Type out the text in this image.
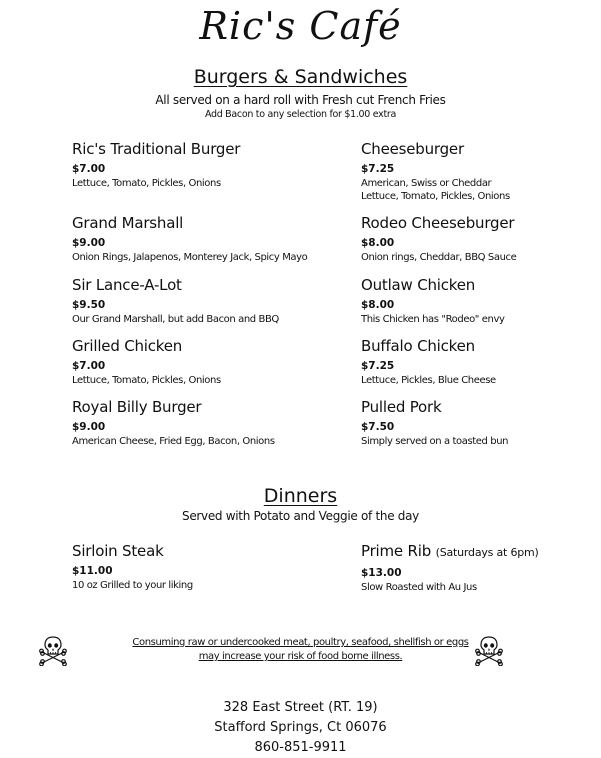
Ric's Café
Burgers & Sandwiches
All served on a hard roll with Fresh cut French Fries
Add Bacon to any selection for $1.00 extra
Ric's Traditional Burger
$7.00
Lettuce, Tomato, Pickles, Onions
Grand Marshall
$9.00
Onion Rings, Jalapenos, Monterey Jack, Spicy Mayo
Sir Lance-A-Lot
$9.50
Our Grand Marshall, but add Bacon and BBQ
Grilled Chicken
$7.00
Lettuce, Tomato, Pickles, Onions
Royal Billy Burger
$9.00
American Cheese, Fried Egg, Bacon, Onions
Cheeseburger
$7.25
American, Swiss or Cheddar
Lettuce, Tomato, Pickles, Onions
Rodeo Cheeseburger
$8.00
Onion rings, Cheddar, BBQ Sauce
Outlaw Chicken
$8.00
This Chicken has "Rodeo" envy
Buffalo Chicken
$7.25
Lettuce, Pickles, Blue Cheese
Pulled Pork
$7.50
Simply served on a toasted bun
Dinners
Served with Potato and Veggie of the day
Sirloin Steak
$11.00
10 oz Grilled to your liking
Prime Rib (Saturdays at 6pm)
$13.00
Slow Roasted with Au Jus
Consuming raw or undercooked meat, poultry, seafood, shellfish or eggs
may increase your risk of food borne illness.
328 East Street (RT. 19)
Stafford Springs, Ct 06076
860-851-9911
